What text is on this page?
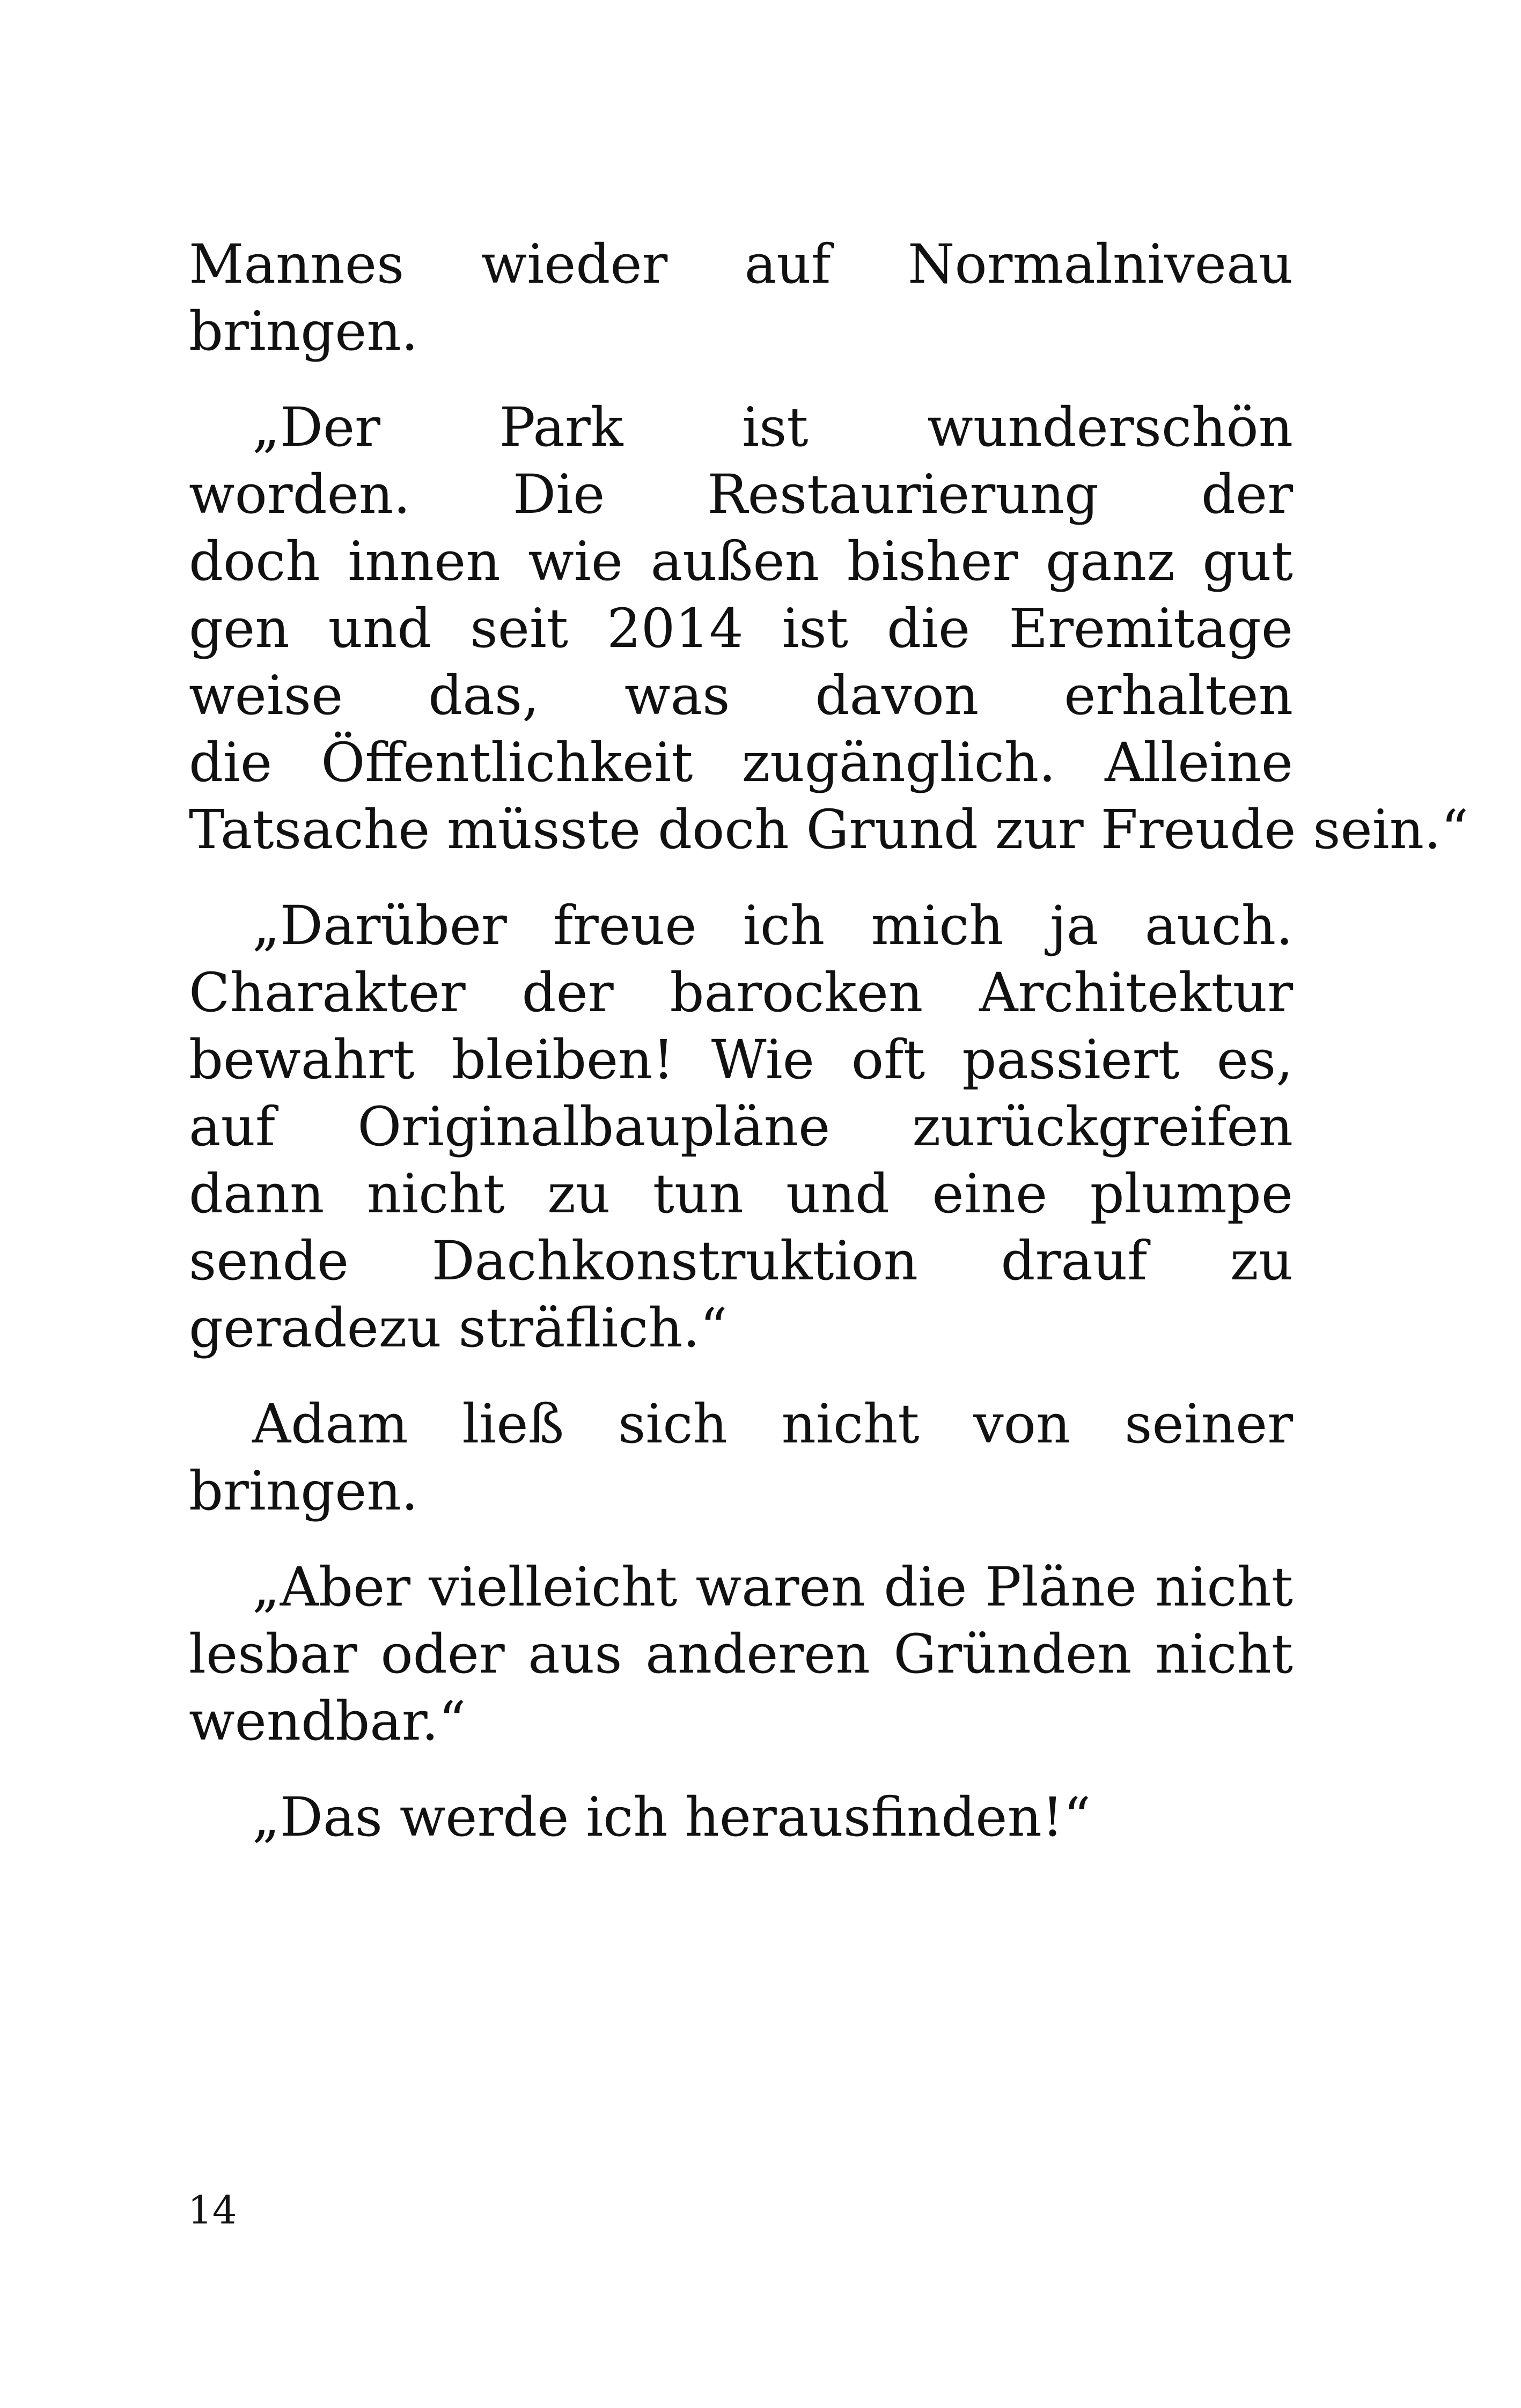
Mannes wieder auf Normalniveau
bringen.
„Der Park ist wunderschön
worden. Die Restaurierung der
doch innen wie außen bisher ganz gut
gen und seit 2014 ist die Eremitage
weise das, was davon erhalten
die Öffentlichkeit zugänglich. Alleine
Tatsache müsste doch Grund zur Freude sein.“
„Darüber freue ich mich ja auch.
Charakter der barocken Architektur
bewahrt bleiben! Wie oft passiert es,
auf Originalbaupläne zurückgreifen
dann nicht zu tun und eine plumpe
sende Dachkonstruktion drauf zu
geradezu sträflich.“
Adam ließ sich nicht von seiner
bringen.
„Aber vielleicht waren die Pläne nicht
lesbar oder aus anderen Gründen nicht
wendbar.“
„Das werde ich herausfinden!“
14
